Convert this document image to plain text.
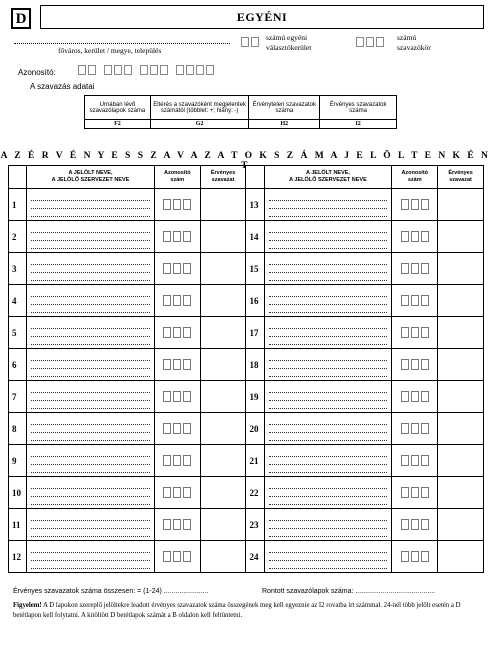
D	EGYÉNI
főváros, kerület / megye, település
számú egyéni
választókerület
számú
szavazókör
Azonosító:
A szavazás adatai
Urnában lévő szavazólapok száma	Eltérés a szavazóként megjelentek számától (többlet: +; hiány: -)	Érvénytelen szavazatok száma	Érvényes szavazatok száma
F2	G2	H2	I2
A Z É R V É N Y E S S Z A V A Z A T O K S Z Á M A J E L Ö L T E N K É N T
	A JELÖLT NEVE,
A JELÖLŐ SZERVEZET NEVE	Azonosító
szám	Érvényes
szavazat		A JELÖLT NEVE,
A JELÖLŐ SZERVEZET NEVE	Azonosító
szám	Érvényes
szavazat
1				13	

2				14	

3				15	

4				16	

5				17	

6				18	

7				19	

8				20	

9				21	

10				22	

11				23	

12				24	

Érvényes szavazatok száma összesen: = (1-24) .......................	Rontott szavazólapok száma: .........................................
Figyelem! A D lapokon szereplő jelöltekre leadott érvényes szavazatok száma összegének meg kell egyeznie az I2 rovatba írt számmal. 24-nél több jelölt esetén a D betétlapon kell folytatni. A kitöltött D betétlapok számát a B oldalon kell feltüntetni.
